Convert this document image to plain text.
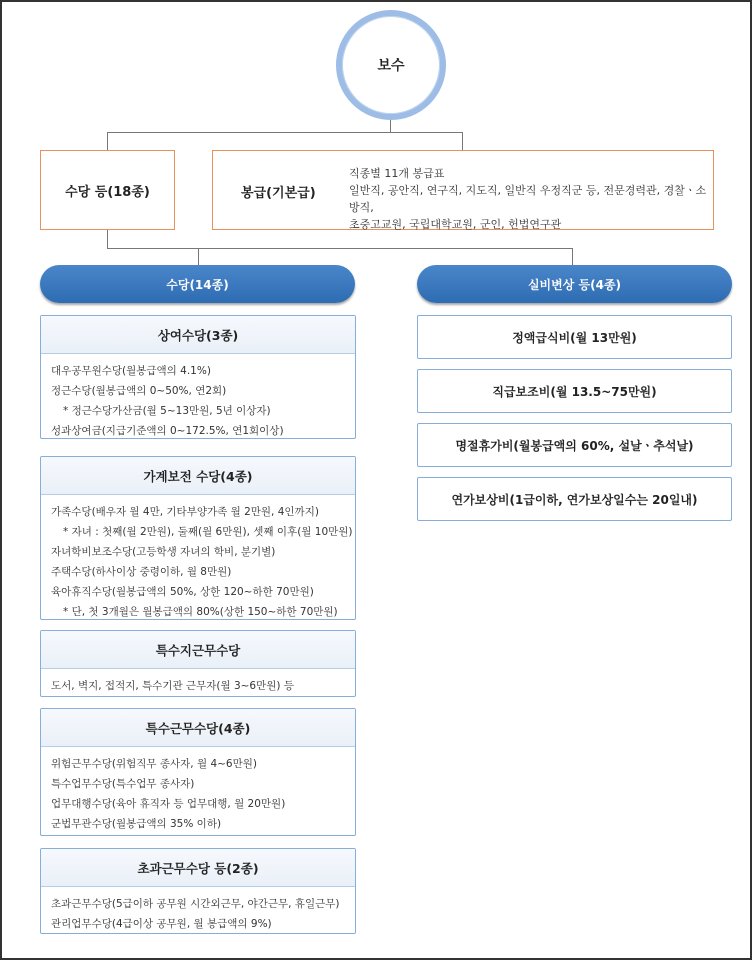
보수
수당 등(18종)	봉급(기본급)
직종별 11개 봉급표
일반직, 공안직, 연구직, 지도직, 일반직 우정직군 등, 전문경력관, 경찰ㆍ소방직,
초중고교원, 국립대학교원, 군인, 헌법연구관
수당(14종)	실비변상 등(4종)
상여수당(3종)
대우공무원수당(월봉급액의 4.1%)
정근수당(월봉급액의 0~50%, 연2회)
* 정근수당가산금(월 5~13만원, 5년 이상자)
성과상여금(지급기준액의 0~172.5%, 연1회이상)
가계보전 수당(4종)
가족수당(배우자 월 4만, 기타부양가족 월 2만원, 4인까지)
* 자녀 : 첫째(월 2만원), 둘째(월 6만원), 셋째 이후(월 10만원)
자녀학비보조수당(고등학생 자녀의 학비, 분기별)
주택수당(하사이상 중령이하, 월 8만원)
육아휴직수당(월봉급액의 50%, 상한 120~하한 70만원)
* 단, 첫 3개월은 월봉급액의 80%(상한 150~하한 70만원)
특수지근무수당
도서, 벽지, 접적지, 특수기관 근무자(월 3~6만원) 등
특수근무수당(4종)
위험근무수당(위험직무 종사자, 월 4~6만원)
특수업무수당(특수업무 종사자)
업무대행수당(육아 휴직자 등 업무대행, 월 20만원)
군법무관수당(월봉급액의 35% 이하)
초과근무수당 등(2종)
초과근무수당(5급이하 공무원 시간외근무, 야간근무, 휴일근무)
관리업무수당(4급이상 공무원, 월 봉급액의 9%)
정액급식비(월 13만원)
직급보조비(월 13.5~75만원)
명절휴가비(월봉급액의 60%, 설날ㆍ추석날)
연가보상비(1급이하, 연가보상일수는 20일내)
